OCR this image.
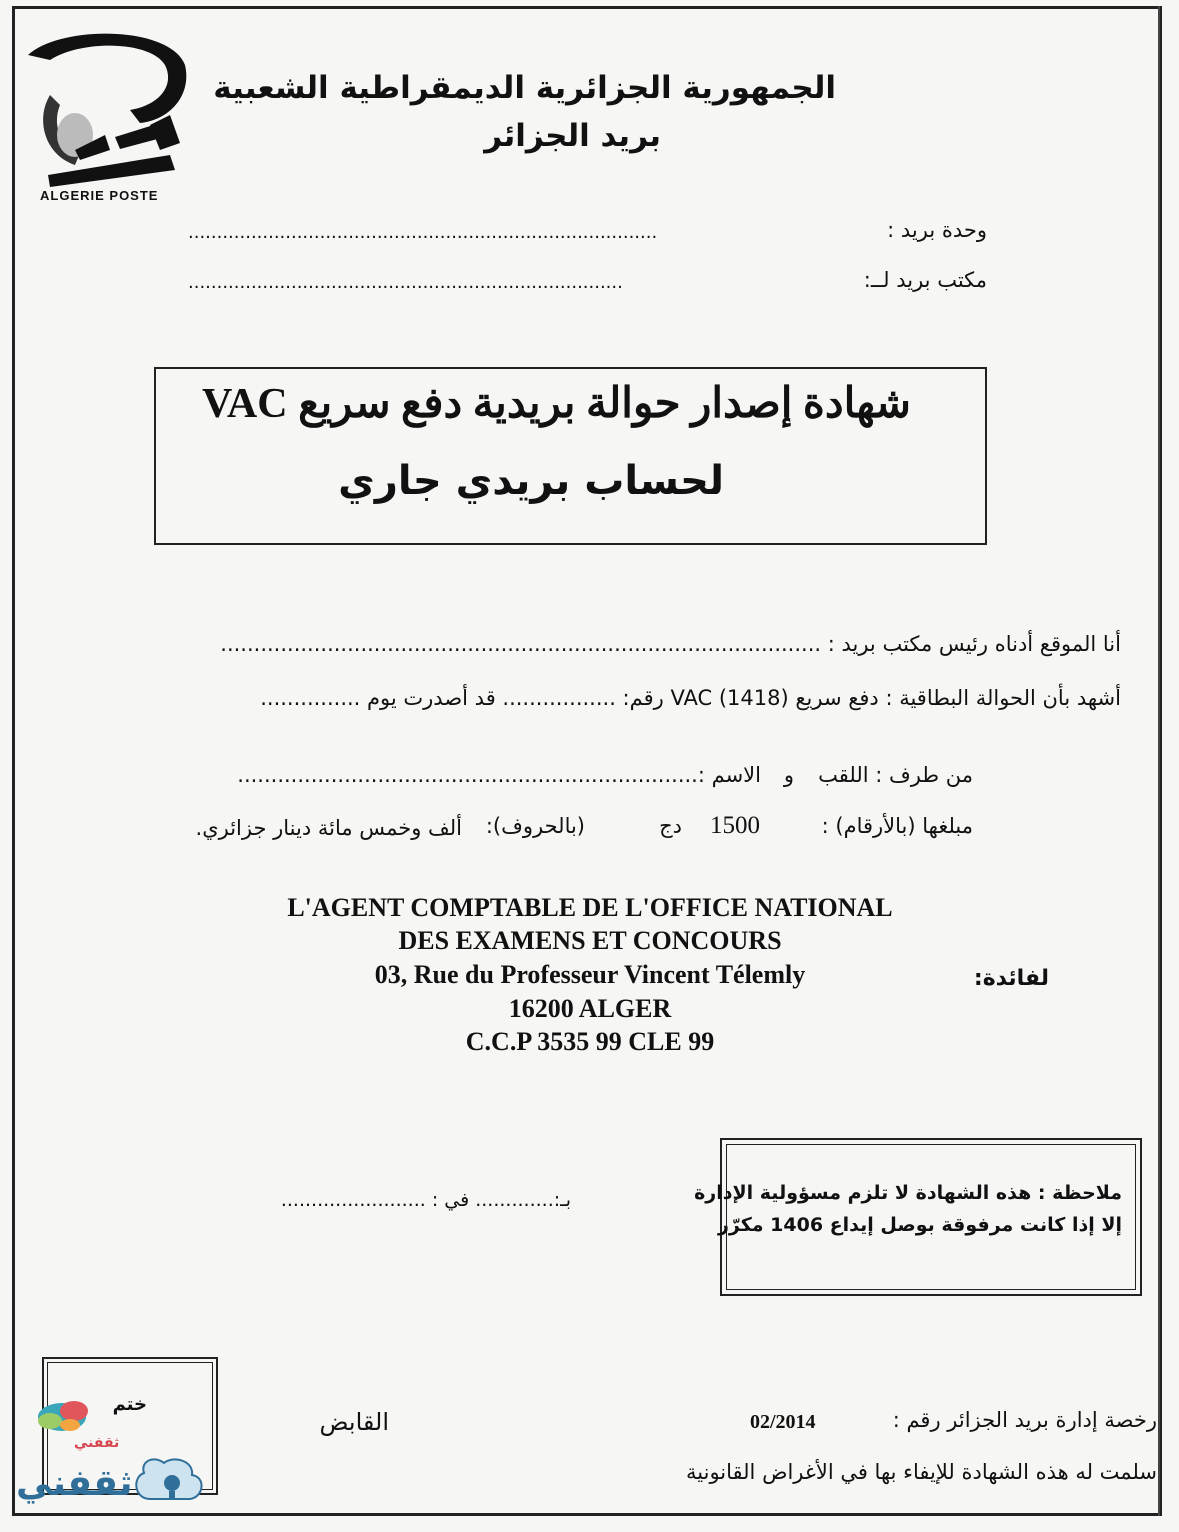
ALGERIE POSTE
الجمهورية الجزائرية الديمقراطية الشعبية
بريد الجزائر
وحدة بريد :
..................................................................................
مكتب بريد لــ:
............................................................................
شهادة إصدار حوالة بريدية دفع سريع VAC
لحساب بريدي جاري
أنا الموقع أدناه رئيس مكتب بريد : ..........................................................................................
أشهد بأن الحوالة البطاقية : دفع سريع VAC (1418) رقم: ................. قد أصدرت يوم ...............
من طرف : اللقب
و
الاسم :.....................................................................
مبلغها (بالأرقام) :
1500
دج
(بالحروف):
ألف وخمس مائة دينار جزائري.
لفائدة:
L'AGENT COMPTABLE DE L'OFFICE NATIONAL
DES EXAMENS ET CONCOURS
03, Rue du Professeur Vincent Télemly
16200 ALGER
C.C.P 3535 99 CLE 99
بـ:............. في : ........................	ملاحظة : هذه الشهادة لا تلزم مسؤولية الإدارة
إلا إذا كانت مرفوقة بوصل إيداع 1406 مكرّر
ختم
القابض	رخصة إدارة بريد الجزائر رقم :
02/2014
سلمت له هذه الشهادة للإيفاء بها في الأغراض القانونية
ثقفني
ثقفني
